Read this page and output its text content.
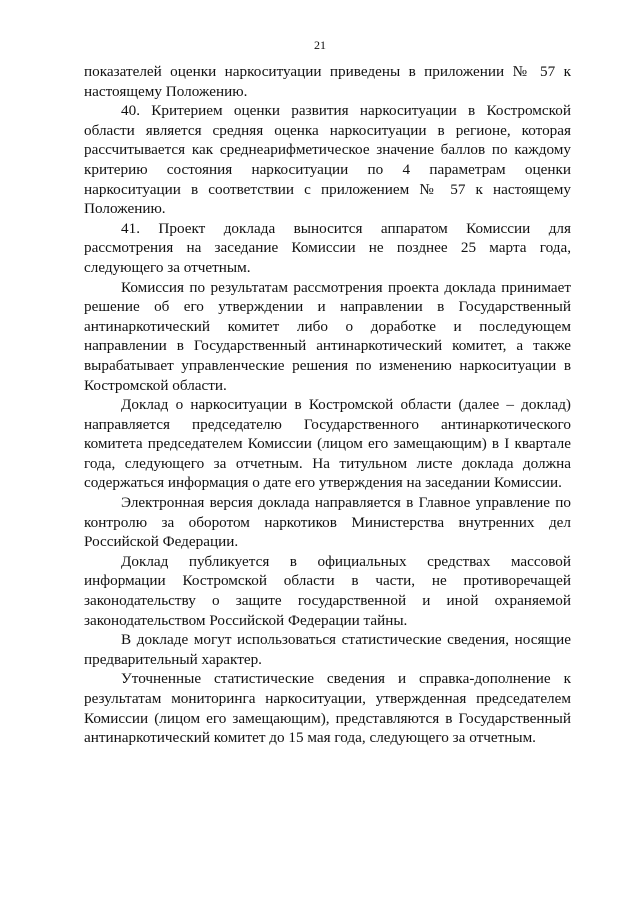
21

показателей оценки наркоситуации приведены в приложении № 57 к настоящему Положению.

40. Критерием оценки развития наркоситуации в Костромской области является средняя оценка наркоситуации в регионе, которая рассчитывается как среднеарифметическое значение баллов по каждому критерию состояния наркоситуации по 4 параметрам оценки наркоситуации в соответствии с приложением № 57 к настоящему Положению.

41. Проект доклада выносится аппаратом Комиссии для рассмотрения на заседание Комиссии не позднее 25 марта года, следующего за отчетным.

Комиссия по результатам рассмотрения проекта доклада принимает решение об его утверждении и направлении в Государственный антинаркотический комитет либо о доработке и последующем направлении в Государственный антинаркотический комитет, а также вырабатывает управленческие решения по изменению наркоситуации в Костромской области.

Доклад о наркоситуации в Костромской области (далее – доклад) направляется председателю Государственного антинаркотического комитета председателем Комиссии (лицом его замещающим) в I квартале года, следующего за отчетным. На титульном листе доклада должна содержаться информация о дате его утверждения на заседании Комиссии.

Электронная версия доклада направляется в Главное управление по контролю за оборотом наркотиков Министерства внутренних дел Российской Федерации.

Доклад публикуется в официальных средствах массовой информации Костромской области в части, не противоречащей законодательству о защите государственной и иной охраняемой законодательством Российской Федерации тайны.

В докладе могут использоваться статистические сведения, носящие предварительный характер.

Уточненные статистические сведения и справка-дополнение к результатам мониторинга наркоситуации, утвержденная председателем Комиссии (лицом его замещающим), представляются в Государственный антинаркотический комитет до 15 мая года, следующего за отчетным.
